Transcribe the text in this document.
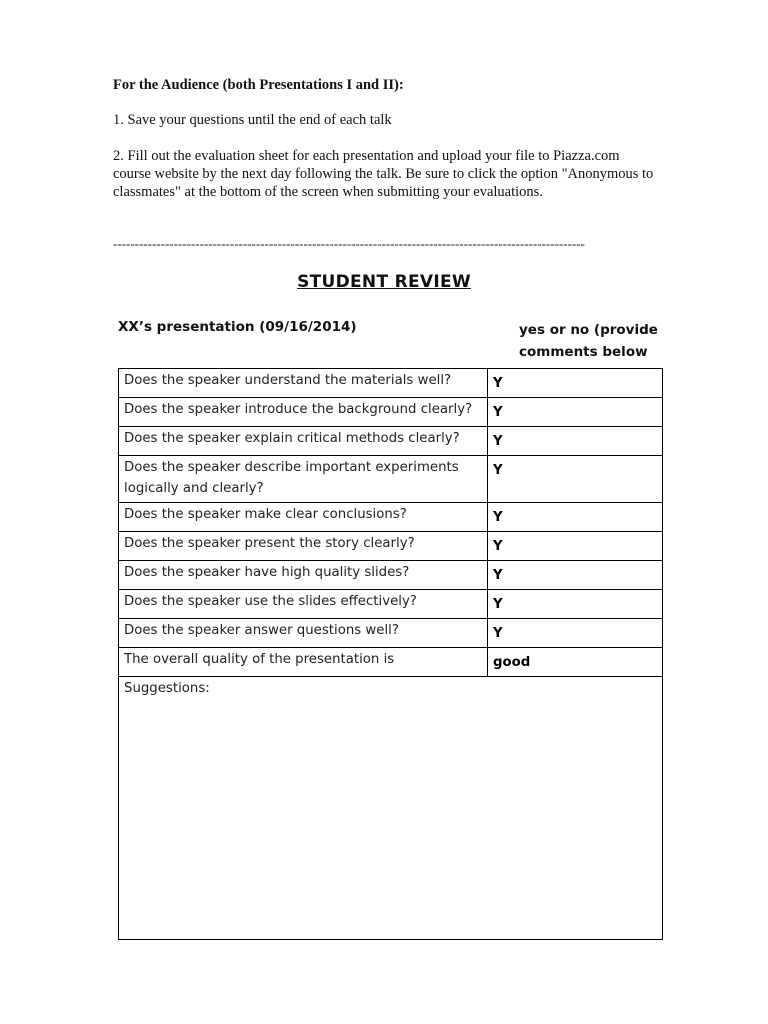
For the Audience (both Presentations I and II):
1. Save your questions until the end of each talk
2. Fill out the evaluation sheet for each presentation and upload your file to Piazza.com course website by the next day following the talk. Be sure to click the option "Anonymous to classmates" at the bottom of the screen when submitting your evaluations.
-------------------------------------------------------------------------------------------------------------
STUDENT REVIEW
XX’s presentation (09/16/2014)	yes or no (provide comments below
Does the speaker understand the materials well?	Y
Does the speaker introduce the background clearly?	Y
Does the speaker explain critical methods clearly?	Y
Does the speaker describe important experiments logically and clearly?	Y
Does the speaker make clear conclusions?	Y
Does the speaker present the story clearly?	Y
Does the speaker have high quality slides?	Y
Does the speaker use the slides effectively?	Y
Does the speaker answer questions well?	Y
The overall quality of the presentation is	good
Suggestions:	
